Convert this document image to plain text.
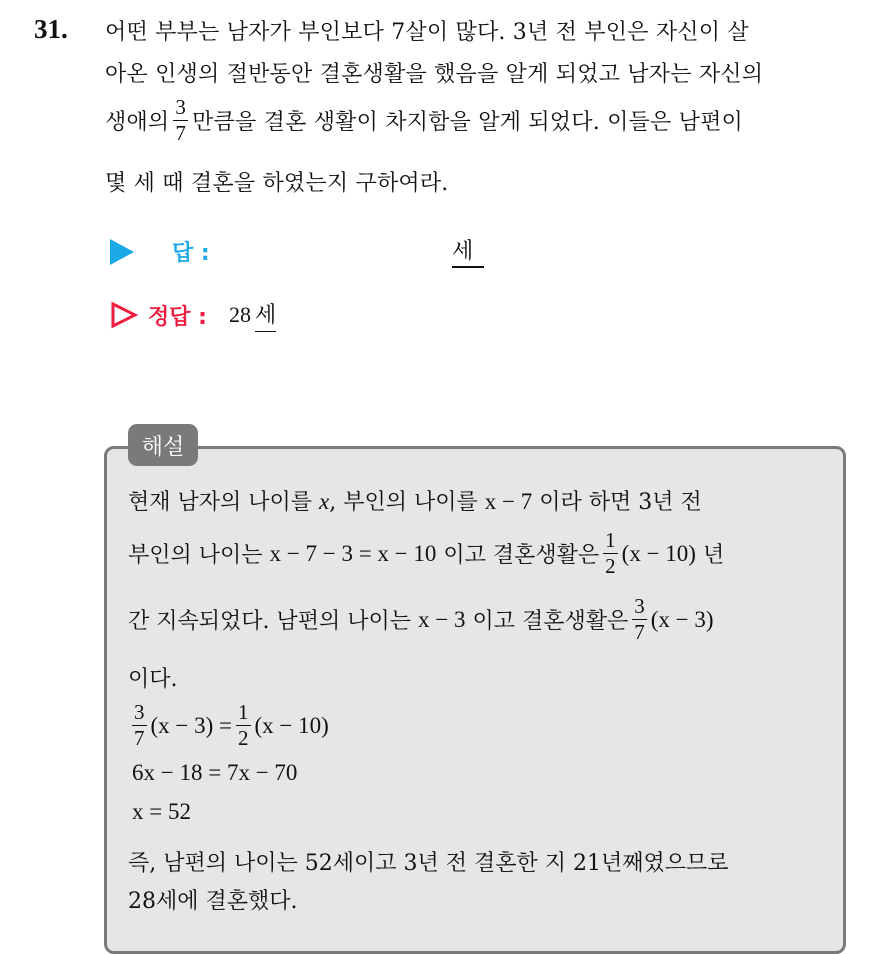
31. 어떤 부부는 남자가 부인보다 7살이 많다. 3년 전 부인은 자신이 살
아온 인생의 절반동안 결혼생활을 했음을 알게 되었고 남자는 자신의
생애의 $\frac{3}{7}$ 만큼을 결혼 생활이 차지함을 알게 되었다. 이들은 남편이
몇 세 때 결혼을 하였는지 구하여라.
답 :	세
정답 : 28 세
해설
현재 남자의 나이를 x, 부인의 나이를 x − 7 이라 하면 3년 전
부인의 나이는
x − 7 − 3 = x − 10
이고 결혼생활은 $\frac{1}{2} (x - 10)$
년
간 지속되었다. 남편의 나이는
x − 3
이고 결혼생활은 $\frac{3}{7} (x - 3)$
이다.
$\frac{3}{7} (x - 3) = \frac{1}{2} (x - 10)$
6x − 18 = 7x − 70
x = 52
즉, 남편의 나이는 52세이고 3년 전 결혼한 지 21년째였으므로
28세에 결혼했다.
